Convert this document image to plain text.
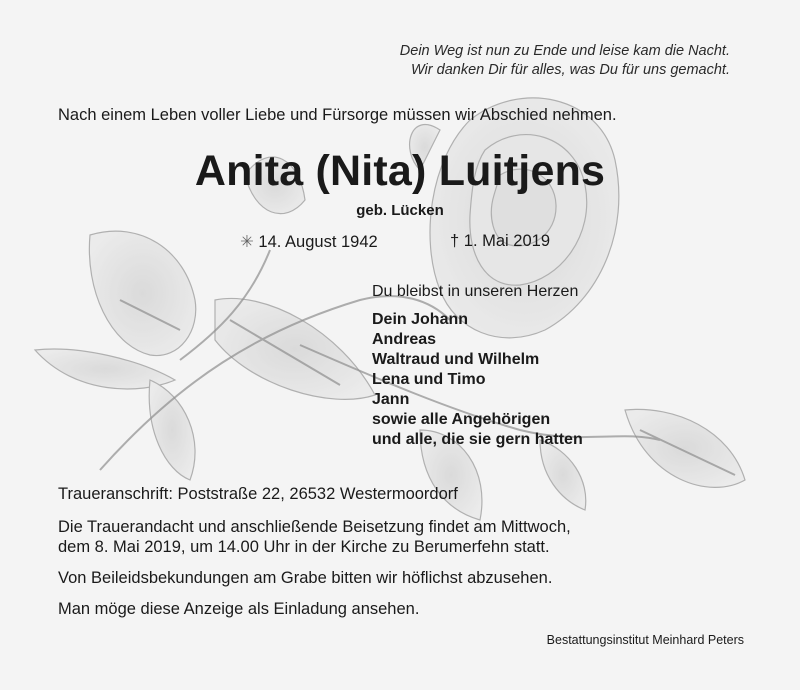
Dein Weg ist nun zu Ende und leise kam die Nacht.

Wir danken Dir für alles, was Du für uns gemacht.

Nach einem Leben voller Liebe und Fürsorge müssen wir Abschied nehmen.

Anita (Nita) Luitjens

geb. Lücken

✳ 14. August 1942	† 1. Mai 2019

Du bleibst in unseren Herzen

Dein Johann

Andreas

Waltraud und Wilhelm

Lena und Timo

Jann

sowie alle Angehörigen

und alle, die sie gern hatten

Traueranschrift: Poststraße 22, 26532 Westermoordorf

Die Trauerandacht und anschließende Beisetzung findet am Mittwoch,

dem 8. Mai 2019, um 14.00 Uhr in der Kirche zu Berumerfehn statt.

Von Beileidsbekundungen am Grabe bitten wir höflichst abzusehen.

Man möge diese Anzeige als Einladung ansehen.

Bestattungsinstitut Meinhard Peters
